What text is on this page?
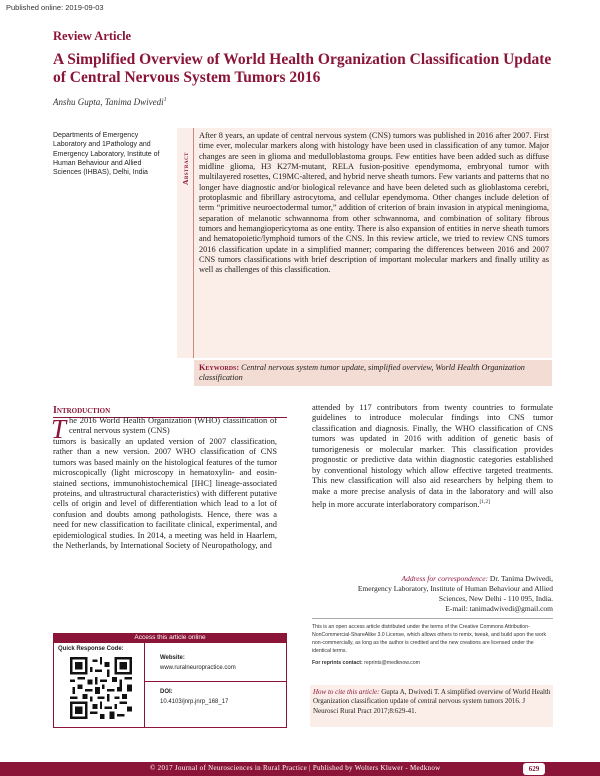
Published online: 2019-09-03
Review Article
A Simplified Overview of World Health Organization Classification Update of Central Nervous System Tumors 2016
Anshu Gupta, Tanima Dwivedi$^1$
Departments of Emergency Laboratory and 1Pathology and Emergency Laboratory, Institute of Human Behaviour and Allied Sciences (IHBAS), Delhi, India	Abstract
After 8 years, an update of central nervous system (CNS) tumors was published in 2016 after 2007. First time ever, molecular markers along with histology have been used in classification of any tumor. Major changes are seen in glioma and medulloblastoma groups. Few entities have been added such as diffuse midline glioma, H3 K27M-mutant, RELA fusion-positive ependymoma, embryonal tumor with multilayered rosettes, C19MC-altered, and hybrid nerve sheath tumors. Few variants and patterns that no longer have diagnostic and/or biological relevance and have been deleted such as glioblastoma cerebri, protoplasmic and fibrillary astrocytoma, and cellular ependymoma. Other changes include deletion of term “primitive neuroectodermal tumor,” addition of criterion of brain invasion in atypical meningioma, separation of melanotic schwannoma from other schwannoma, and combination of solitary fibrous tumors and hemangiopericytoma as one entity. There is also expansion of entities in nerve sheath tumors and hematopoietic/lymphoid tumors of the CNS. In this review article, we tried to review CNS tumors 2016 classification update in a simplified manner; comparing the differences between 2016 and 2007 CNS tumors classifications with brief description of important molecular markers and finally utility as well as challenges of this classification.
Keywords: Central nervous system tumor update, simplified overview, World Health Organization classification
Introduction
T he 2016 World Health Organization (WHO) classification of central nervous system (CNS)
tumors is basically an updated version of 2007 classification, rather than a new version. 2007 WHO classification of CNS tumors was based mainly on the histological features of the tumor microscopically (light microscopy in hematoxylin- and eosin-stained sections, immunohistochemical [IHC] lineage-associated proteins, and ultrastructural characteristics) with different putative cells of origin and level of differentiation which lead to a lot of confusion and doubts among pathologists. Hence, there was a need for new classification to facilitate clinical, experimental, and epidemiological studies. In 2014, a meeting was held in Haarlem, the Netherlands, by International Society of Neuropathology, and
attended by 117 contributors from twenty countries to formulate guidelines to introduce molecular findings into CNS tumor classification and diagnosis. Finally, the WHO classification of CNS tumors was updated in 2016 with addition of genetic basis of tumorigenesis or molecular marker. This classification provides prognostic or predictive data within diagnostic categories established by conventional histology which allow effective targeted treatments. This new classification will also aid researchers by helping them to make a more precise analysis of data in the laboratory and will also help in more accurate interlaboratory comparison.[1,2]
Address for correspondence: Dr. Tanima Dwivedi,
Emergency Laboratory, Institute of Human Behaviour and Allied
Sciences, New Delhi - 110 095, India.
E-mail: tanimadwivedi@gmail.com
This is an open access article distributed under the terms of the Creative Commons Attribution-NonCommercial-ShareAlike 3.0 License, which allows others to remix, tweak, and build upon the work non-commercially, as long as the author is credited and the new creations are licensed under the identical terms.
For reprints contact: reprints@medknow.com
How to cite this article: Gupta A, Dwivedi T. A simplified overview of World Health Organization classification update of central nervous system tumors 2016. J Neurosci Rural Pract 2017;8:629-41.
Access this article online
Quick Response Code:
Website:
www.ruralneuropractice.com
DOI:
10.4103/jnrp.jnrp_168_17
© 2017 Journal of Neurosciences in Rural Practice | Published by Wolters Kluwer - Medknow	629
